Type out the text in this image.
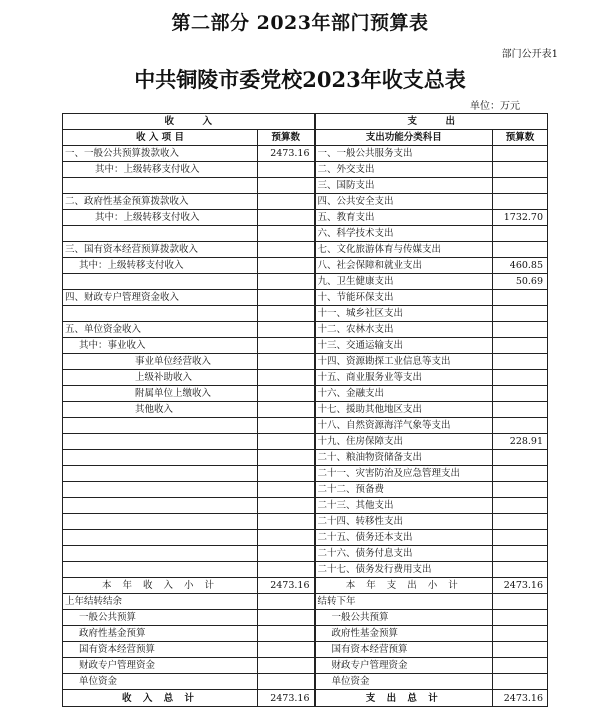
第二部分 2023年部门预算表
部门公开表1
中共铜陵市委党校2023年收支总表
单位：万元
收　　　入		支　　　出	
收 入 项 目	预算数	支出功能分类科目	预算数
一、一般公共预算拨款收入	2473.16	一、一般公共服务支出	
其中：上级转移支付收入		二、外交支出	
		三、国防支出	
二、政府性基金预算拨款收入		四、公共安全支出	
其中：上级转移支付收入		五、教育支出	1732.70
		六、科学技术支出	
三、国有资本经营预算拨款收入		七、文化旅游体育与传媒支出	
其中：上级转移支付收入		八、社会保障和就业支出	460.85
		九、卫生健康支出	50.69
四、财政专户管理资金收入		十、节能环保支出	
		十一、城乡社区支出	
五、单位资金收入		十二、农林水支出	
其中：事业收入		十三、交通运输支出	
事业单位经营收入		十四、资源勘探工业信息等支出	
上级补助收入		十五、商业服务业等支出	
附属单位上缴收入		十六、金融支出	
其他收入		十七、援助其他地区支出	
		十八、自然资源海洋气象等支出	
		十九、住房保障支出	228.91
		二十、粮油物资储备支出	
		二十一、灾害防治及应急管理支出	
		二十二、预备费	
		二十三、其他支出	
		二十四、转移性支出	
		二十五、债务还本支出	
		二十六、债务付息支出	
		二十七、债务发行费用支出	
本 年 收 入 小 计	2473.16	本 年 支 出 小 计	2473.16
上年结转结余		结转下年	
一般公共预算		一般公共预算	
政府性基金预算		政府性基金预算	
国有资本经营预算		国有资本经营预算	
财政专户管理资金		财政专户管理资金	
单位资金		单位资金	
收 入 总 计	2473.16	支 出 总 计	2473.16
